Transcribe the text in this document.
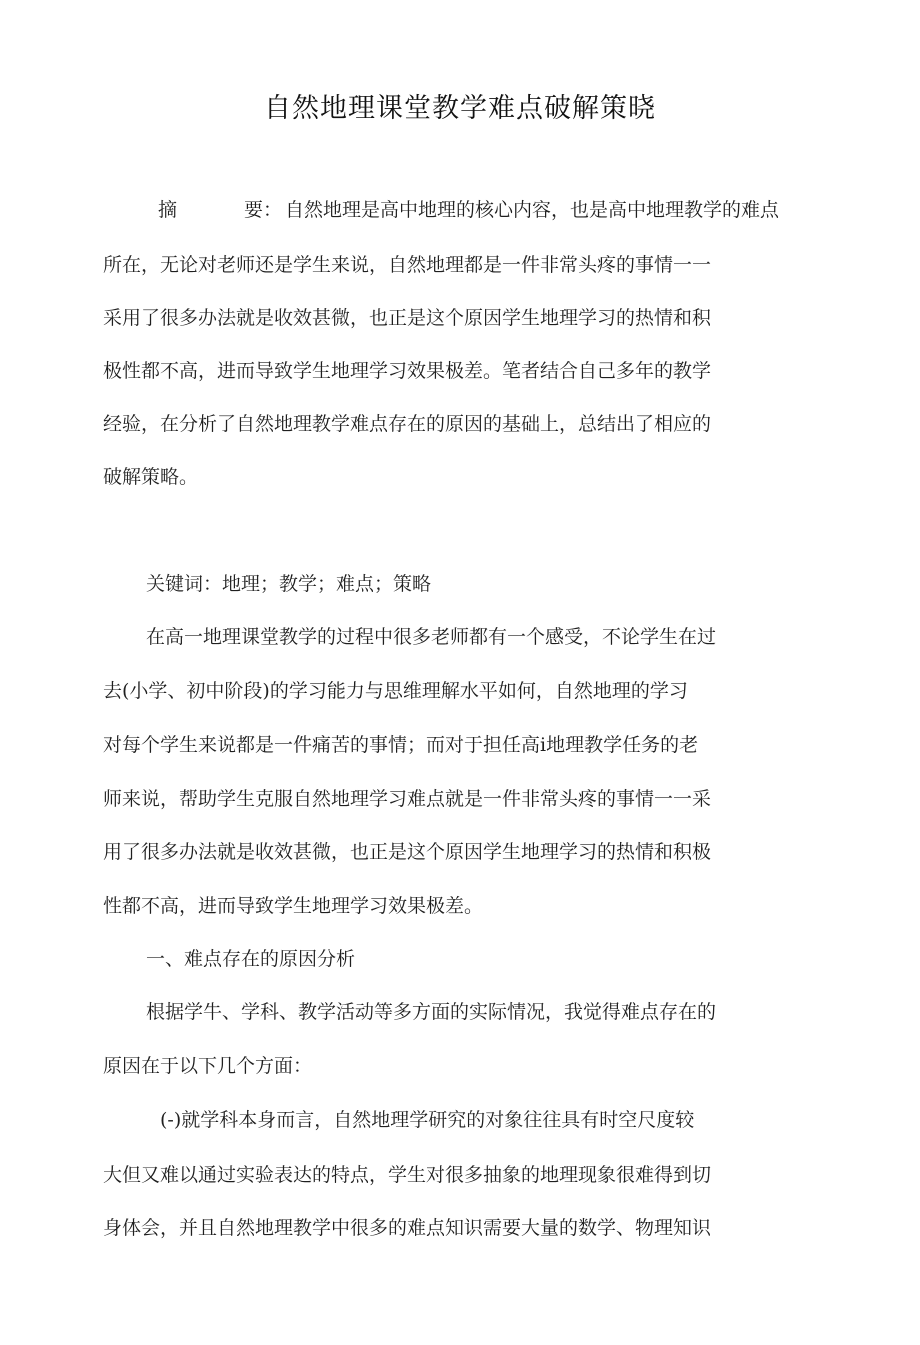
自然地理课堂教学难点破解策晓
摘	要： 自然地理是高中地理的核心内容，也是高中地理教学的难点
所在，无论对老师还是学生来说，自然地理都是一件非常头疼的事情一一
采用了很多办法就是收效甚微，也正是这个原因学生地理学习的热情和积
极性都不高，进而导致学生地理学习效果极差。笔者结合自己多年的教学
经验，在分析了自然地理教学难点存在的原因的基础上，总结出了相应的
破解策略。
关键词：地理；教学；难点；策略
在高一地理课堂教学的过程中很多老师都有一个感受，不论学生在过
去(小学、初中阶段)的学习能力与思维理解水平如何，自然地理的学习
对每个学生来说都是一件痛苦的事情；而对于担任高i地理教学任务的老
师来说，帮助学生克服自然地理学习难点就是一件非常头疼的事情一一采
用了很多办法就是收效甚微，也正是这个原因学生地理学习的热情和积极
性都不高，进而导致学生地理学习效果极差。
一、难点存在的原因分析
根据学牛、学科、教学活动等多方面的实际情况，我觉得难点存在的
原因在于以下几个方面：
(-)就学科本身而言，自然地理学研究的对象往往具有时空尺度较
大但又难以通过实验表达的特点，学生对很多抽象的地理现象很难得到切
身体会，并且自然地理教学中很多的难点知识需要大量的数学、物理知识
